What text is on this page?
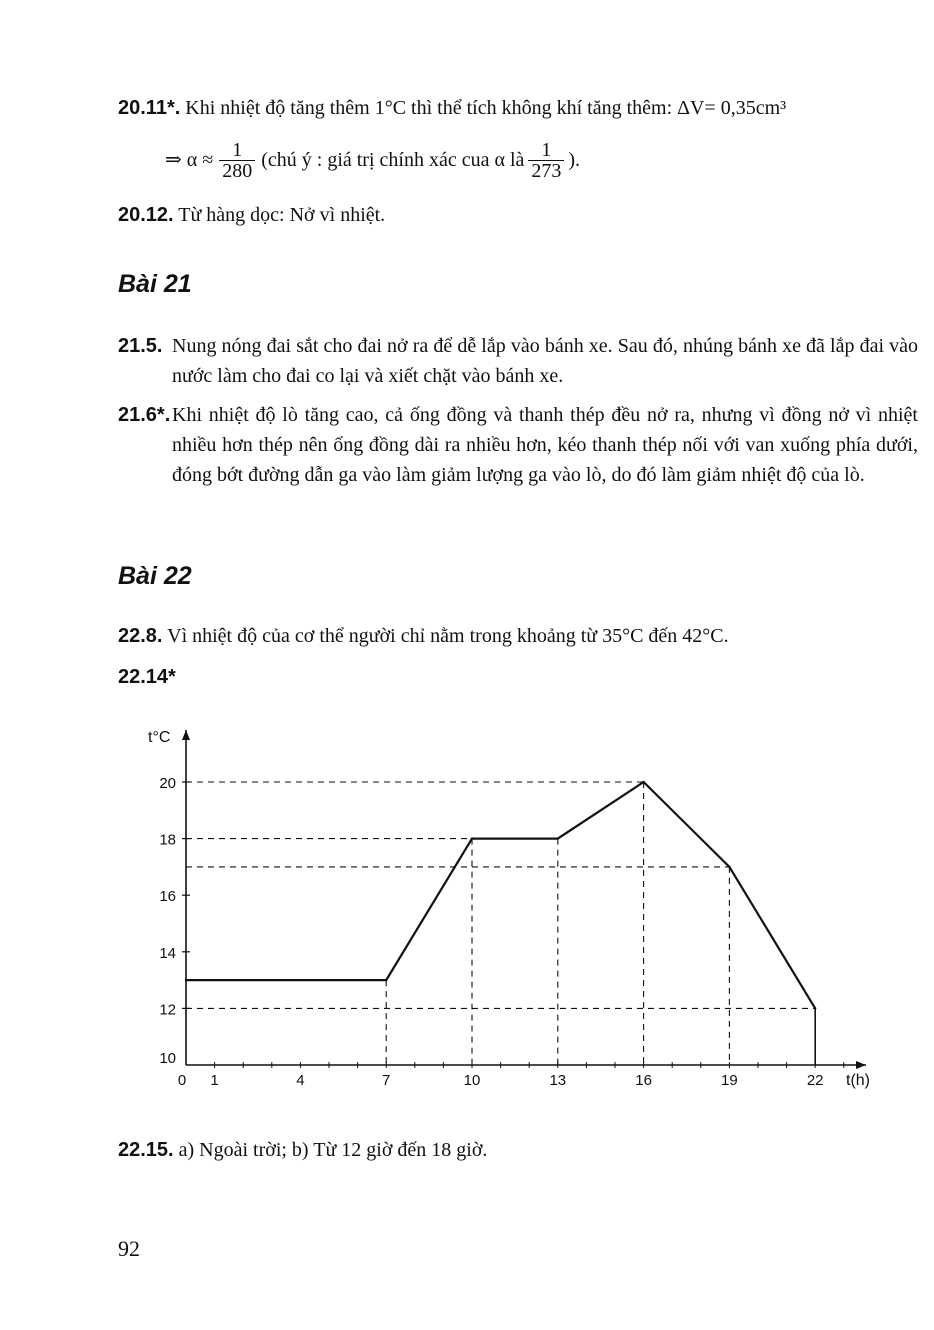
20.11*. Khi nhiệt độ tăng thêm 1°C thì thể tích không khí tăng thêm: ΔV= 0,35cm³
⇒ $\alpha \approx \frac{1}{280}$ (chú ý : giá trị chính xác cua α là $\frac{1}{273}$ ).
20.12. Từ hàng dọc: Nở vì nhiệt.
Bài 21
21.5. Nung nóng đai sắt cho đai nở ra để dễ lắp vào bánh xe. Sau đó, nhúng bánh xe đã lắp đai vào nước làm cho đai co lại và xiết chặt vào bánh xe.
21.6*. Khi nhiệt độ lò tăng cao, cả ống đồng và thanh thép đều nở ra, nhưng vì đồng nở vì nhiệt nhiều hơn thép nên ống đồng dài ra nhiều hơn, kéo thanh thép nối với van xuống phía dưới, đóng bớt đường dẫn ga vào làm giảm lượng ga vào lò, do đó làm giảm nhiệt độ của lò.
Bài 22
22.8. Vì nhiệt độ của cơ thể người chỉ nằm trong khoảng từ 35°C đến 42°C.
22.14*
10
12
14
16
18
20
0 1	4	7	10	13	16	19	22
t°C
t(h)
22.15. a) Ngoài trời; b) Từ 12 giờ đến 18 giờ.
92
